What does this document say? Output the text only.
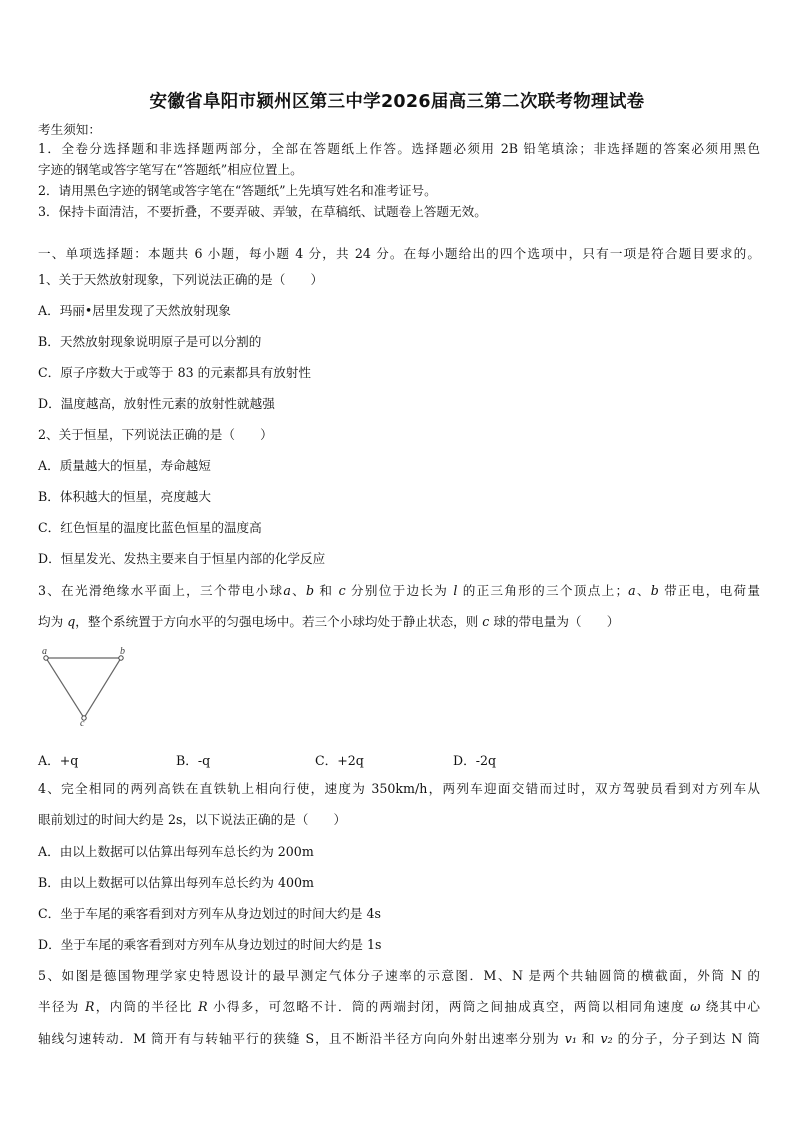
安徽省阜阳市颍州区第三中学2026届高三第二次联考物理试卷
考生须知：
1．全卷分选择题和非选择题两部分，全部在答题纸上作答。选择题必须用 2B 铅笔填涂；非选择题的答案必须用黑色
字迹的钢笔或答字笔写在“答题纸”相应位置上。
2．请用黑色字迹的钢笔或答字笔在“答题纸”上先填写姓名和准考证号。
3．保持卡面清洁，不要折叠，不要弄破、弄皱，在草稿纸、试题卷上答题无效。
一、单项选择题：本题共 6 小题，每小题 4 分，共 24 分。在每小题给出的四个选项中，只有一项是符合题目要求的。
1、关于天然放射现象，下列说法正确的是（　　）
A．玛丽•居里发现了天然放射现象
B．天然放射现象说明原子是可以分割的
C．原子序数大于或等于 83 的元素都具有放射性
D．温度越高，放射性元素的放射性就越强
2、关于恒星，下列说法正确的是（　　）
A．质量越大的恒星，寿命越短
B．体积越大的恒星，亮度越大
C．红色恒星的温度比蓝色恒星的温度高
D．恒星发光、发热主要来自于恒星内部的化学反应
3、在光滑绝缘水平面上，三个带电小球a、b 和 c 分别位于边长为 l 的正三角形的三个顶点上；a、b 带正电，电荷量
均为 q，整个系统置于方向水平的匀强电场中。若三个小球均处于静止状态，则 c 球的带电量为（　　）
a	b
c
A．+q	B．-q	C．+2q	D．-2q
4、完全相同的两列高铁在直铁轨上相向行使，速度为 350km/h，两列车迎面交错而过时，双方驾驶员看到对方列车从
眼前划过的时间大约是 2s，以下说法正确的是（　　）
A．由以上数据可以估算出每列车总长约为 200m
B．由以上数据可以估算出每列车总长约为 400m
C．坐于车尾的乘客看到对方列车从身边划过的时间大约是 4s
D．坐于车尾的乘客看到对方列车从身边划过的时间大约是 1s
5、如图是德国物理学家史特恩设计的最早测定气体分子速率的示意图．M、N 是两个共轴圆筒的横截面，外筒 N 的
半径为 R，内筒的半径比 R 小得多，可忽略不计．筒的两端封闭，两筒之间抽成真空，两筒以相同角速度 ω 绕其中心
轴线匀速转动．M 筒开有与转轴平行的狭缝 S，且不断沿半径方向向外射出速率分别为 v₁ 和 v₂ 的分子，分子到达 N 筒
